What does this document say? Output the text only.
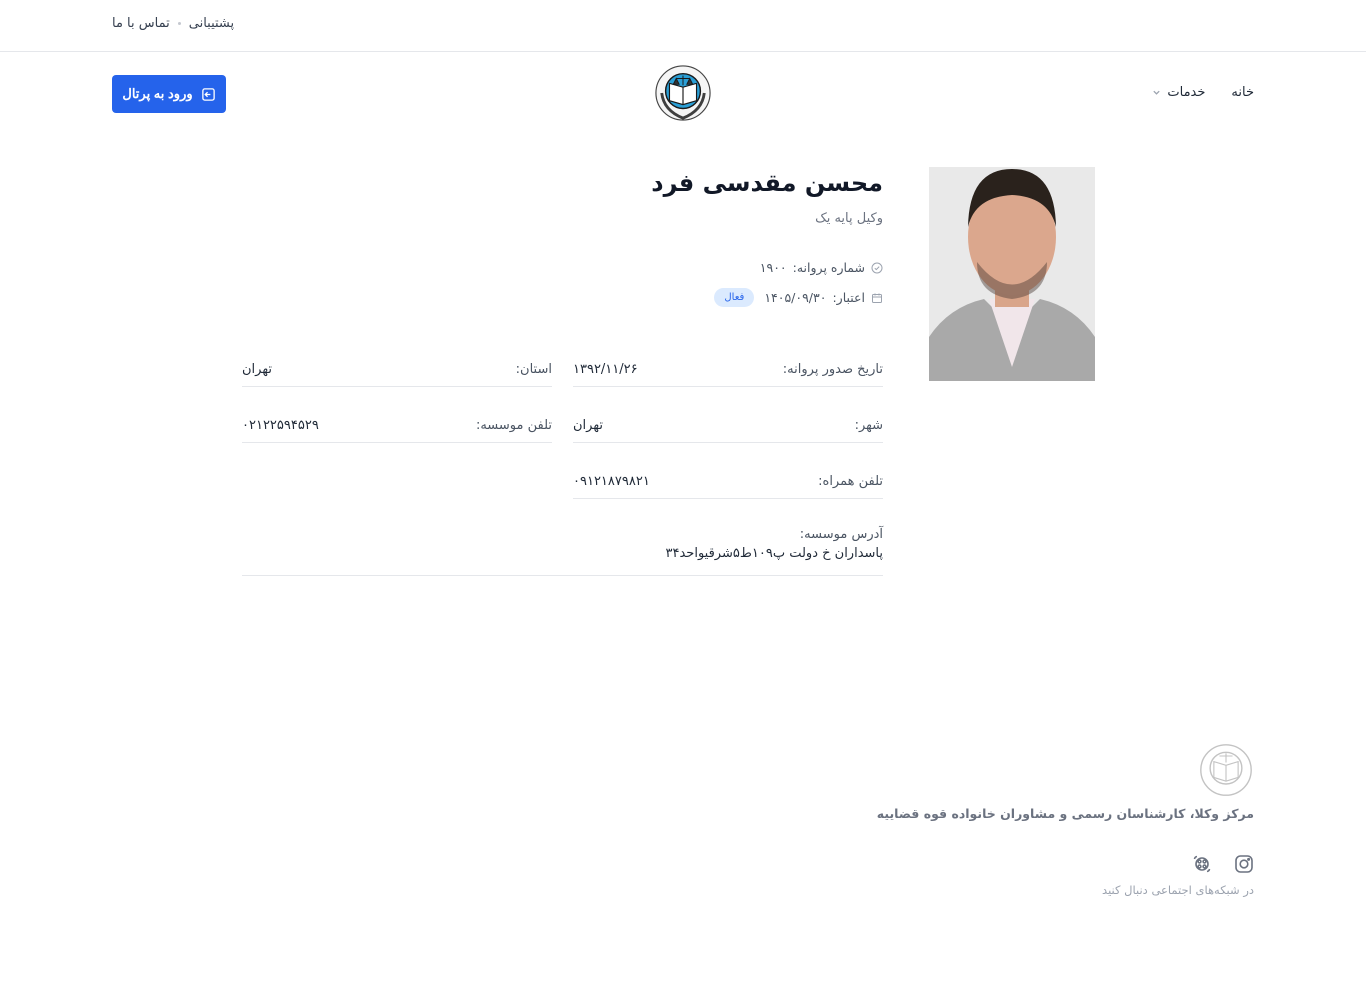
پشتیبانی
تماس با ما
ورود به پرتال	خانه
خدمات
محسن مقدسی فرد
وکیل پایه یک
شماره پروانه:
۱۹۰۰
اعتبار:
۱۴۰۵/۰۹/۳۰
فعال
تاریخ صدور پروانه:
۱۳۹۲/۱۱/۲۶
استان:
تهران
شهر:
تهران
تلفن موسسه:
۰۲۱۲۲۵۹۴۵۲۹
تلفن همراه:
۰۹۱۲۱۸۷۹۸۲۱
آدرس موسسه:
پاسداران خ دولت پ۱۰۹ط۵شرقیواحد۳۴
مرکز وکلا، کارشناسان رسمی و مشاوران خانواده قوه قضاییه
در شبکه‌های اجتماعی دنبال کنید
